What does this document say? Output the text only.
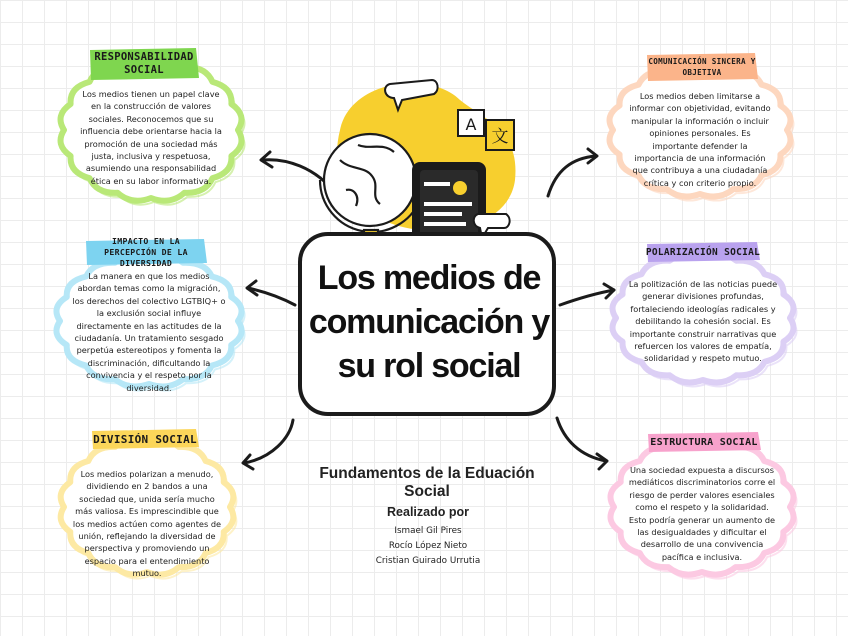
A
文
Los medios de comunicación y su rol social
Fundamentos de la Eduación Social
Realizado por
Ismael Gil Pires
Rocío López Nieto
Cristian Guirado Urrutia
Los medios tienen un papel clave en la construcción de valores sociales. Reconocemos que su influencia debe orientarse hacia la promoción de una sociedad más justa, inclusiva y respetuosa, asumiendo una responsabilidad ética en su labor informativa.
RESPONSABILIDAD SOCIAL
La manera en que los medios abordan temas como la migración, los derechos del colectivo LGTBIQ+ o la exclusión social influye directamente en las actitudes de la ciudadanía. Un tratamiento sesgado perpetúa estereotipos y fomenta la discriminación, dificultando la convivencia y el respeto por la diversidad.
IMPACTO EN LA PERCEPCIÓN DE LA DIVERSIDAD
Los medios polarizan a menudo, dividiendo en 2 bandos a una sociedad que, unida sería mucho más valiosa. Es imprescindible que los medios actúen como agentes de unión, reflejando la diversidad de perspectiva y promoviendo un espacio para el entendimiento mutuo.
DIVISIÓN SOCIAL
Los medios deben limitarse a informar con objetividad, evitando manipular la información o incluir opiniones personales. Es importante defender la importancia de una información que contribuya a una ciudadanía crítica y con criterio propio.
COMUNICACIÓN SINCERA Y OBJETIVA
La politización de las noticias puede generar divisiones profundas, fortaleciendo ideologías radicales y debilitando la cohesión social. Es importante construir narrativas que refuercen los valores de empatía, solidaridad y respeto mutuo.
POLARIZACIÓN SOCIAL
Una sociedad expuesta a discursos mediáticos discriminatorios corre el riesgo de perder valores esenciales como el respeto y la solidaridad. Esto podría generar un aumento de las desigualdades y dificultar el desarrollo de una convivencia pacífica e inclusiva.
ESTRUCTURA SOCIAL
